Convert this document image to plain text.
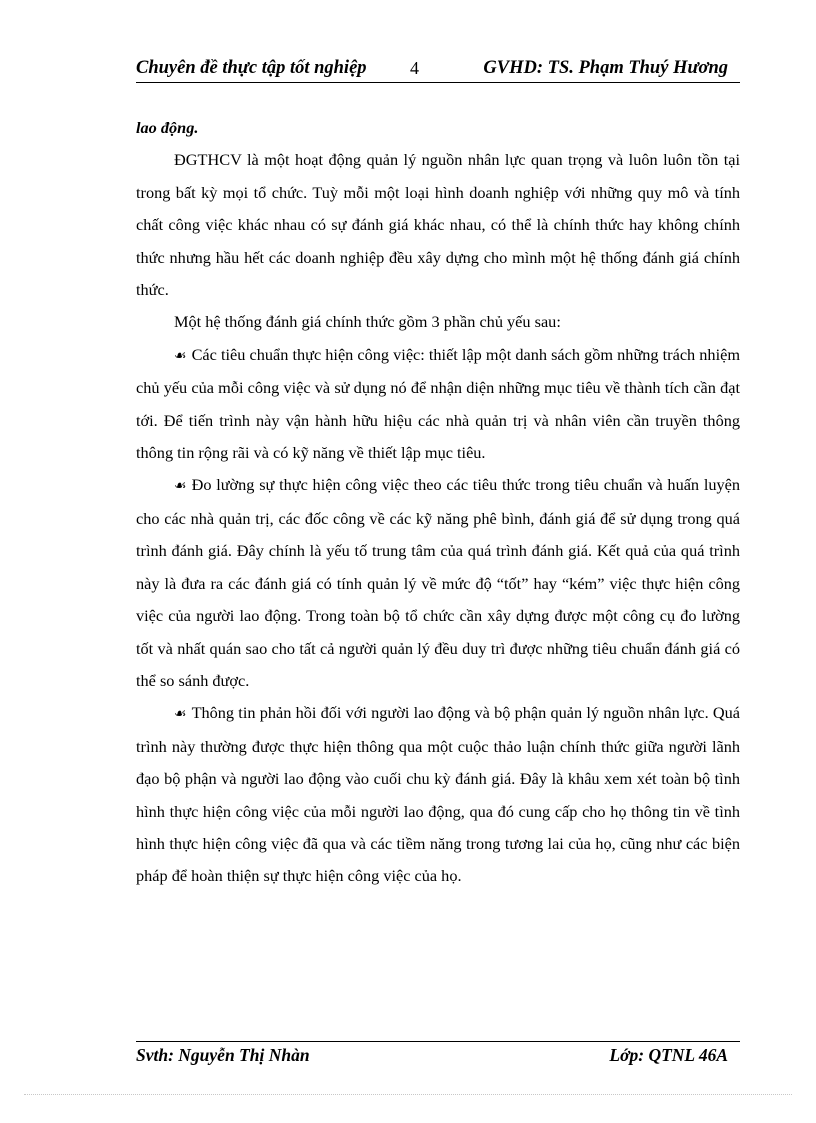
Chuyên đề thực tập tốt nghiệp 4	GVHD: TS. Phạm Thuý Hương

lao động.

ĐGTHCV là một hoạt động quản lý nguồn nhân lực quan trọng và luôn luôn tồn tại trong bất kỳ mọi tổ chức. Tuỳ mỗi một loại hình doanh nghiệp với những quy mô và tính chất công việc khác nhau có sự đánh giá khác nhau, có thể là chính thức hay không chính thức nhưng hầu hết các doanh nghiệp đều xây dựng cho mình một hệ thống đánh giá chính thức.

Một hệ thống đánh giá chính thức gồm 3 phần chủ yếu sau:

☙ Các tiêu chuẩn thực hiện công việc: thiết lập một danh sách gồm những trách nhiệm chủ yếu của mỗi công việc và sử dụng nó để nhận diện những mục tiêu về thành tích cần đạt tới. Để tiến trình này vận hành hữu hiệu các nhà quản trị và nhân viên cần truyền thông thông tin rộng rãi và có kỹ năng về thiết lập mục tiêu.

☙ Đo lường sự thực hiện công việc theo các tiêu thức trong tiêu chuẩn và huấn luyện cho các nhà quản trị, các đốc công về các kỹ năng phê bình, đánh giá để sử dụng trong quá trình đánh giá. Đây chính là yếu tố trung tâm của quá trình đánh giá. Kết quả của quá trình này là đưa ra các đánh giá có tính quản lý về mức độ “tốt” hay “kém” việc thực hiện công việc của người lao động. Trong toàn bộ tổ chức cần xây dựng được một công cụ đo lường tốt và nhất quán sao cho tất cả người quản lý đều duy trì được những tiêu chuẩn đánh giá có thể so sánh được.

☙ Thông tin phản hồi đối với người lao động và bộ phận quản lý nguồn nhân lực. Quá trình này thường được thực hiện thông qua một cuộc thảo luận chính thức giữa người lãnh đạo bộ phận và người lao động vào cuối chu kỳ đánh giá. Đây là khâu xem xét toàn bộ tình hình thực hiện công việc của mỗi người lao động, qua đó cung cấp cho họ thông tin về tình hình thực hiện công việc đã qua và các tiềm năng trong tương lai của họ, cũng như các biện pháp để hoàn thiện sự thực hiện công việc của họ.

Svth: Nguyễn Thị Nhàn	Lớp: QTNL 46A
